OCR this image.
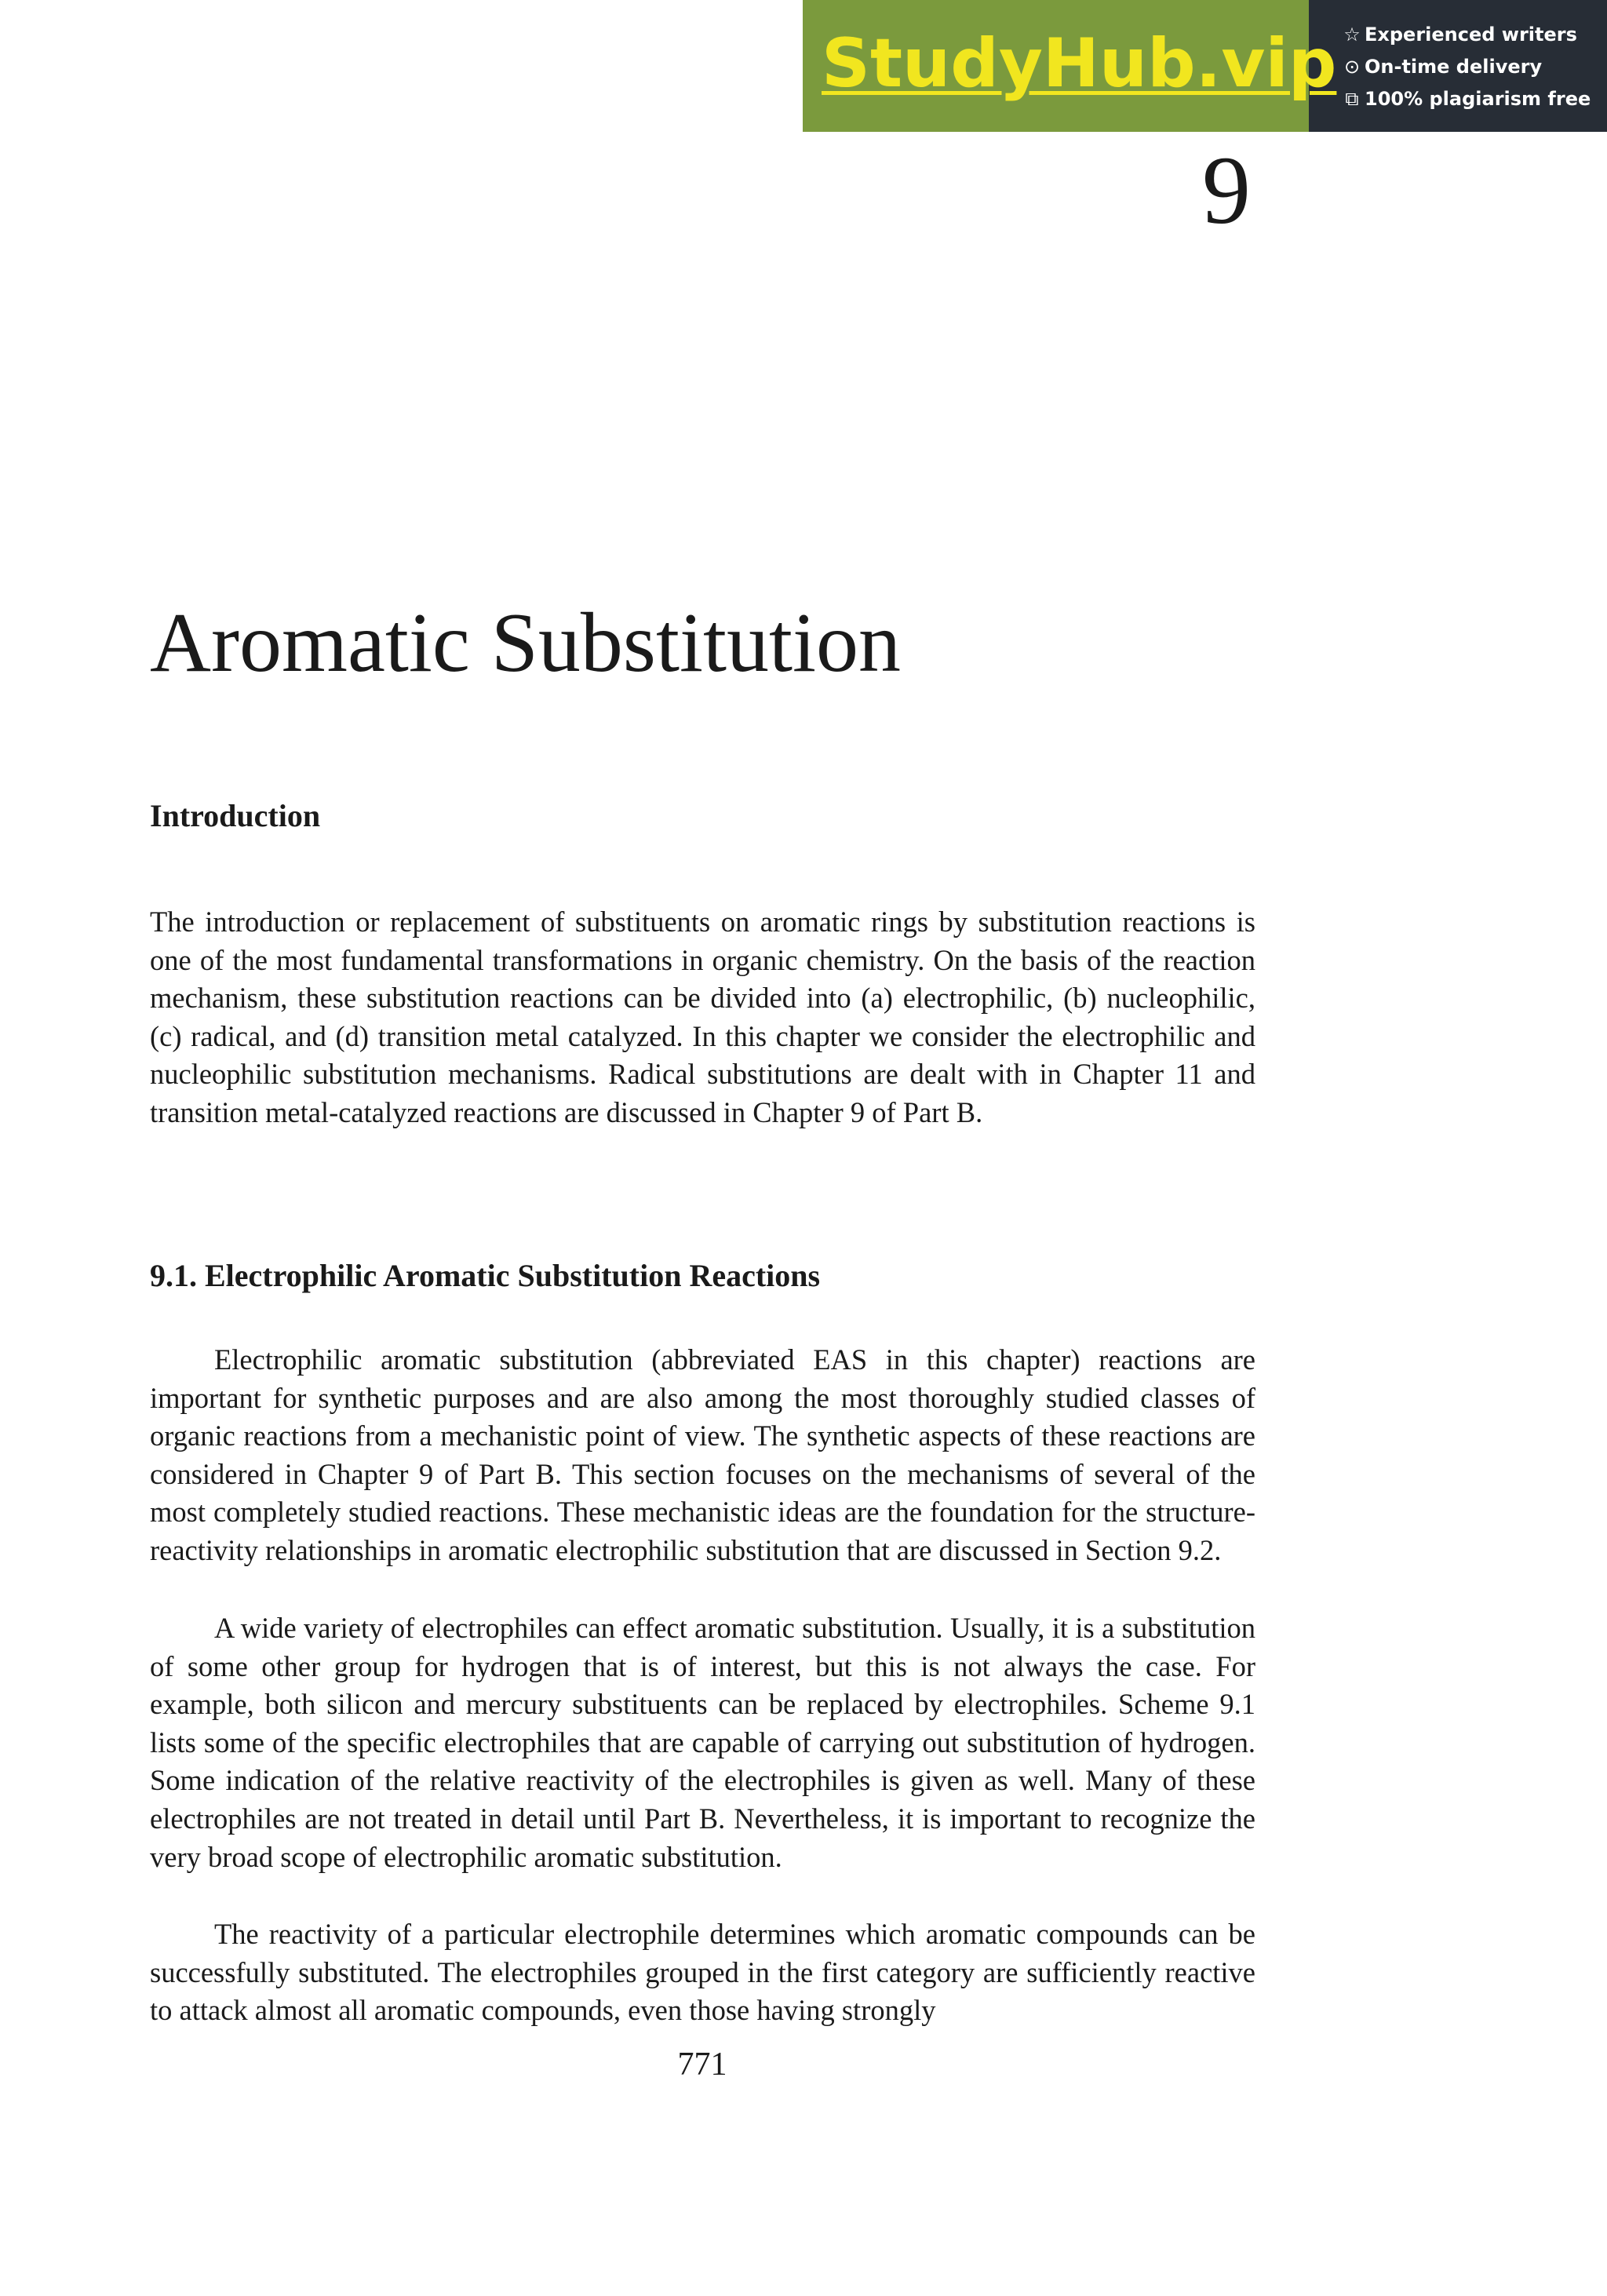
StudyHub.vip ☆ Experienced writers
⊙ On-time delivery
⧉ 100% plagiarism free
9
Aromatic Substitution
Introduction

The introduction or replacement of substituents on aromatic rings by substitution reactions is one of the most fundamental transformations in organic chemistry. On the basis of the reaction mechanism, these substitution reactions can be divided into (a) electrophilic, (b) nucleophilic, (c) radical, and (d) transition metal catalyzed. In this chapter we consider the electrophilic and nucleophilic substitution mechanisms. Radical substitutions are dealt with in Chapter 11 and transition metal-catalyzed reactions are discussed in Chapter 9 of Part B.

9.1. Electrophilic Aromatic Substitution Reactions

Electrophilic aromatic substitution (abbreviated EAS in this chapter) reactions are important for synthetic purposes and are also among the most thoroughly studied classes of organic reactions from a mechanistic point of view. The synthetic aspects of these reactions are considered in Chapter 9 of Part B. This section focuses on the mechanisms of several of the most completely studied reactions. These mechanistic ideas are the foundation for the structure-reactivity relationships in aromatic electrophilic substitution that are discussed in Section 9.2.

A wide variety of electrophiles can effect aromatic substitution. Usually, it is a substitution of some other group for hydrogen that is of interest, but this is not always the case. For example, both silicon and mercury substituents can be replaced by electrophiles. Scheme 9.1 lists some of the specific electrophiles that are capable of carrying out substitution of hydrogen. Some indication of the relative reactivity of the electrophiles is given as well. Many of these electrophiles are not treated in detail until Part B. Nevertheless, it is important to recognize the very broad scope of electrophilic aromatic substitution.

The reactivity of a particular electrophile determines which aromatic compounds can be successfully substituted. The electrophiles grouped in the first category are sufficiently reactive to attack almost all aromatic compounds, even those having strongly

771
